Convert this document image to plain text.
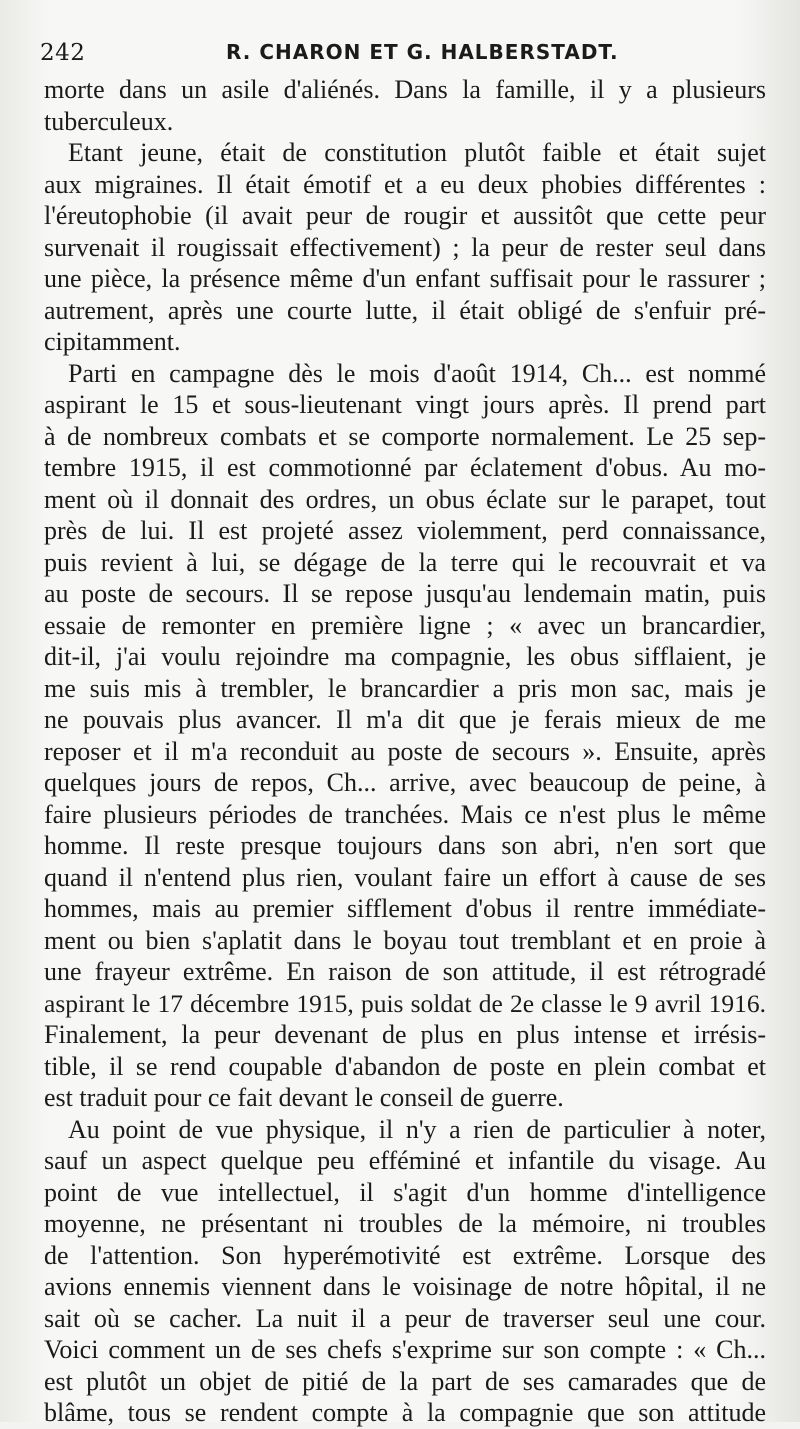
242	R. CHARON ET G. HALBERSTADT.
morte dans un asile d'aliénés. Dans la famille, il y a plusieurs
tuberculeux.
Etant jeune, était de constitution plutôt faible et était sujet
aux migraines. Il était émotif et a eu deux phobies différentes :
l'éreutophobie (il avait peur de rougir et aussitôt que cette peur
survenait il rougissait effectivement) ; la peur de rester seul dans
une pièce, la présence même d'un enfant suffisait pour le rassurer ;
autrement, après une courte lutte, il était obligé de s'enfuir pré-
cipitamment.
Parti en campagne dès le mois d'août 1914, Ch... est nommé
aspirant le 15 et sous-lieutenant vingt jours après. Il prend part
à de nombreux combats et se comporte normalement. Le 25 sep-
tembre 1915, il est commotionné par éclatement d'obus. Au mo-
ment où il donnait des ordres, un obus éclate sur le parapet, tout
près de lui. Il est projeté assez violemment, perd connaissance,
puis revient à lui, se dégage de la terre qui le recouvrait et va
au poste de secours. Il se repose jusqu'au lendemain matin, puis
essaie de remonter en première ligne ; « avec un brancardier,
dit-il, j'ai voulu rejoindre ma compagnie, les obus sifflaient, je
me suis mis à trembler, le brancardier a pris mon sac, mais je
ne pouvais plus avancer. Il m'a dit que je ferais mieux de me
reposer et il m'a reconduit au poste de secours ». Ensuite, après
quelques jours de repos, Ch... arrive, avec beaucoup de peine, à
faire plusieurs périodes de tranchées. Mais ce n'est plus le même
homme. Il reste presque toujours dans son abri, n'en sort que
quand il n'entend plus rien, voulant faire un effort à cause de ses
hommes, mais au premier sifflement d'obus il rentre immédiate-
ment ou bien s'aplatit dans le boyau tout tremblant et en proie à
une frayeur extrême. En raison de son attitude, il est rétrogradé
aspirant le 17 décembre 1915, puis soldat de 2e classe le 9 avril 1916.
Finalement, la peur devenant de plus en plus intense et irrésis-
tible, il se rend coupable d'abandon de poste en plein combat et
est traduit pour ce fait devant le conseil de guerre.
Au point de vue physique, il n'y a rien de particulier à noter,
sauf un aspect quelque peu efféminé et infantile du visage. Au
point de vue intellectuel, il s'agit d'un homme d'intelligence
moyenne, ne présentant ni troubles de la mémoire, ni troubles
de l'attention. Son hyperémotivité est extrême. Lorsque des
avions ennemis viennent dans le voisinage de notre hôpital, il ne
sait où se cacher. La nuit il a peur de traverser seul une cour.
Voici comment un de ses chefs s'exprime sur son compte : « Ch...
est plutôt un objet de pitié de la part de ses camarades que de
blâme, tous se rendent compte à la compagnie que son attitude
